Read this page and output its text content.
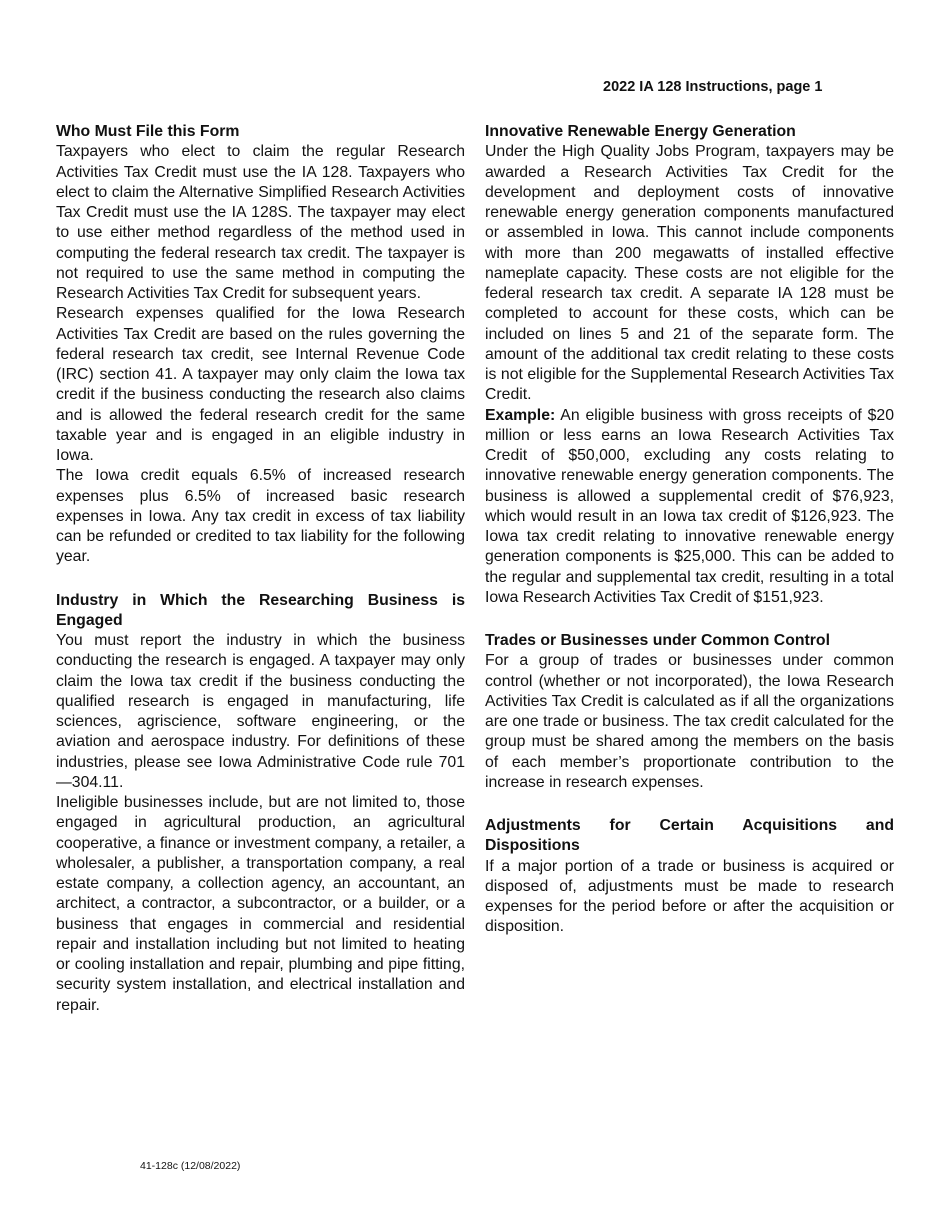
2022 IA 128 Instructions, page 1
Who Must File this Form

Taxpayers who elect to claim the regular Research Activities Tax Credit must use the IA 128. Taxpayers who elect to claim the Alternative Simplified Research Activities Tax Credit must use the IA 128S. The taxpayer may elect to use either method regardless of the method used in computing the federal research tax credit. The taxpayer is not required to use the same method in computing the Research Activities Tax Credit for subsequent years.

Research expenses qualified for the Iowa Research Activities Tax Credit are based on the rules governing the federal research tax credit, see Internal Revenue Code (IRC) section 41. A taxpayer may only claim the Iowa tax credit if the business conducting the research also claims and is allowed the federal research credit for the same taxable year and is engaged in an eligible industry in Iowa.

The Iowa credit equals 6.5% of increased research expenses plus 6.5% of increased basic research expenses in Iowa. Any tax credit in excess of tax liability can be refunded or credited to tax liability for the following year.

Industry in Which the Researching Business is Engaged

You must report the industry in which the business conducting the research is engaged. A taxpayer may only claim the Iowa tax credit if the business conducting the qualified research is engaged in manufacturing, life sciences, agriscience, software engineering, or the aviation and aerospace industry. For definitions of these industries, please see Iowa Administrative Code rule 701—304.11.

Ineligible businesses include, but are not limited to, those engaged in agricultural production, an agricultural cooperative, a finance or investment company, a retailer, a wholesaler, a publisher, a transportation company, a real estate company, a collection agency, an accountant, an architect, a contractor, a subcontractor, or a builder, or a business that engages in commercial and residential repair and installation including but not limited to heating or cooling installation and repair, plumbing and pipe fitting, security system installation, and electrical installation and repair.

Innovative Renewable Energy Generation

Under the High Quality Jobs Program, taxpayers may be awarded a Research Activities Tax Credit for the development and deployment costs of innovative renewable energy generation components manufactured or assembled in Iowa. This cannot include components with more than 200 megawatts of installed effective nameplate capacity. These costs are not eligible for the federal research tax credit. A separate IA 128 must be completed to account for these costs, which can be included on lines 5 and 21 of the separate form. The amount of the additional tax credit relating to these costs is not eligible for the Supplemental Research Activities Tax Credit.

Example: An eligible business with gross receipts of $20 million or less earns an Iowa Research Activities Tax Credit of $50,000, excluding any costs relating to innovative renewable energy generation components. The business is allowed a supplemental credit of $76,923, which would result in an Iowa tax credit of $126,923. The Iowa tax credit relating to innovative renewable energy generation components is $25,000. This can be added to the regular and supplemental tax credit, resulting in a total Iowa Research Activities Tax Credit of $151,923.

Trades or Businesses under Common Control

For a group of trades or businesses under common control (whether or not incorporated), the Iowa Research Activities Tax Credit is calculated as if all the organizations are one trade or business. The tax credit calculated for the group must be shared among the members on the basis of each member’s proportionate contribution to the increase in research expenses.

Adjustments for Certain Acquisitions and Dispositions

If a major portion of a trade or business is acquired or disposed of, adjustments must be made to research expenses for the period before or after the acquisition or disposition.

41-128c (12/08/2022)
